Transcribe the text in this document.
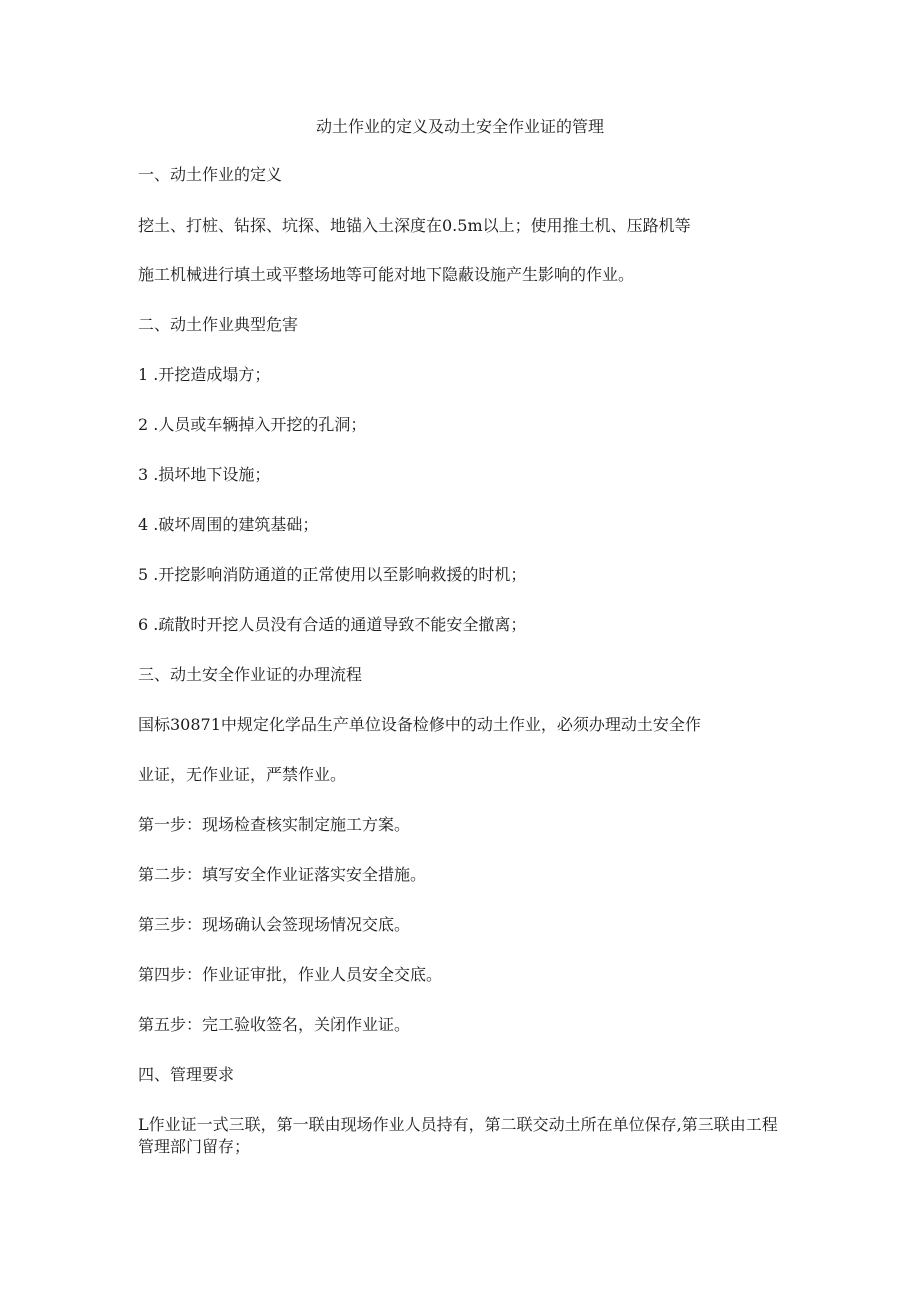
动土作业的定义及动土安全作业证的管理
一、动土作业的定义
挖土、打桩、钻探、坑探、地锚入土深度在0.5m以上；使用推土机、压路机等
施工机械进行填土或平整场地等可能对地下隐蔽设施产生影响的作业。
二、动土作业典型危害
1 .开挖造成塌方；
2 .人员或车辆掉入开挖的孔洞；
3 .损坏地下设施；
4 .破坏周围的建筑基础；
5 .开挖影响消防通道的正常使用以至影响救援的时机；
6 .疏散时开挖人员没有合适的通道导致不能安全撤离；
三、动土安全作业证的办理流程
国标30871中规定化学品生产单位设备检修中的动土作业，必须办理动土安全作
业证，无作业证，严禁作业。
第一步：现场检查核实制定施工方案。
第二步：填写安全作业证落实安全措施。
第三步：现场确认会签现场情况交底。
第四步：作业证审批，作业人员安全交底。
第五步：完工验收签名，关闭作业证。
四、管理要求
L作业证一式三联，第一联由现场作业人员持有，第二联交动土所在单位保存,第三联由工程管理部门留存；
